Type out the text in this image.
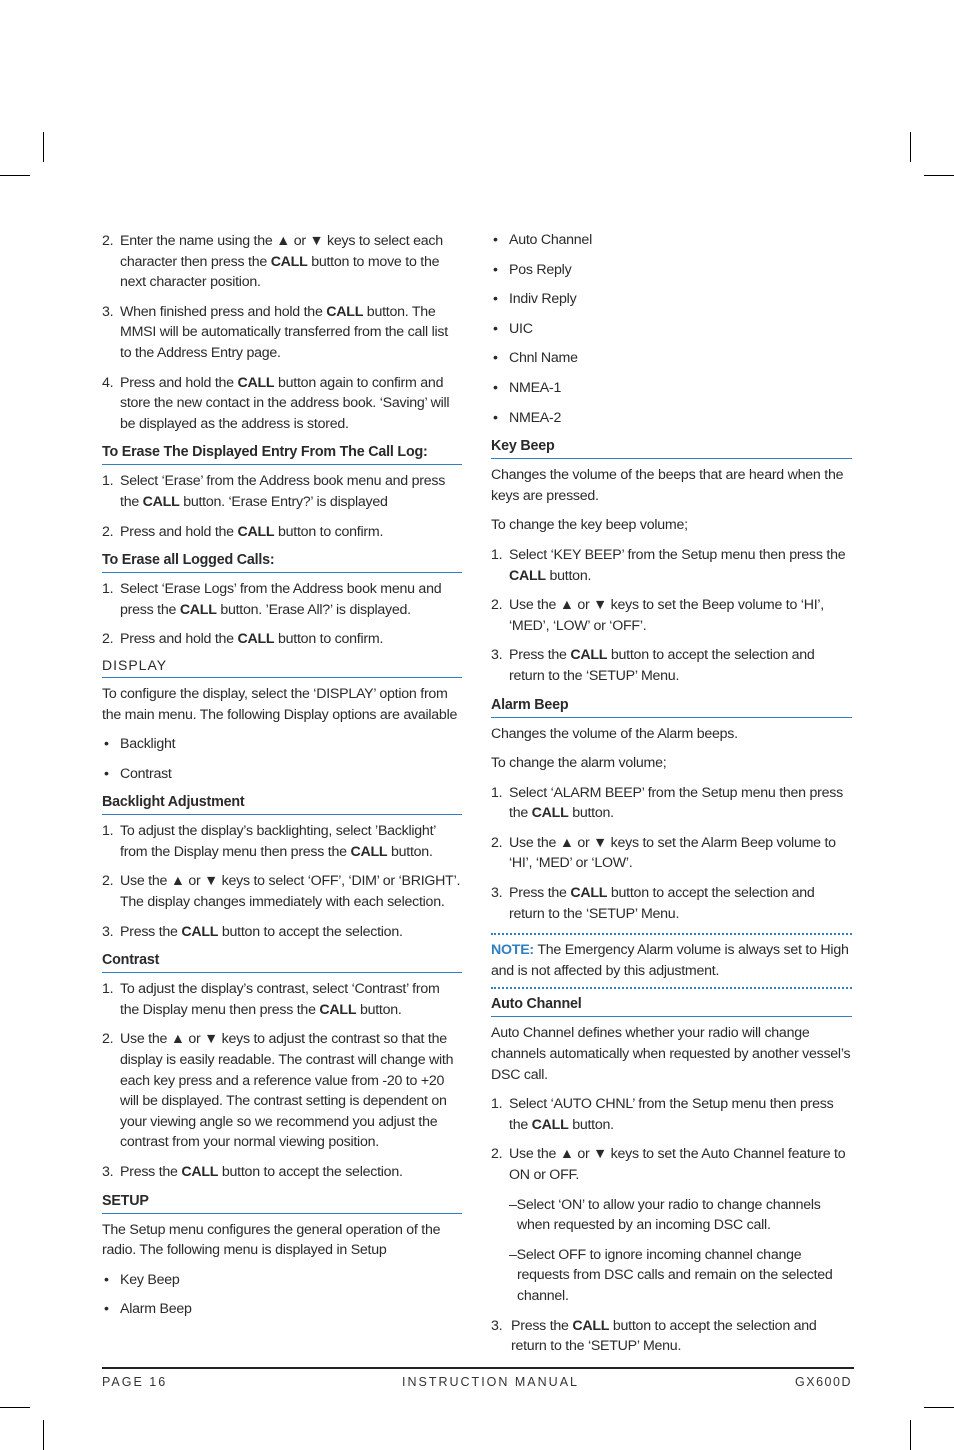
2. Enter the name using the ▲ or ▼ keys to select each character then press the CALL button to move to the next character position.

3. When finished press and hold the CALL button. The MMSI will be automatically transferred from the call list to the Address Entry page.

4. Press and hold the CALL button again to confirm and store the new contact in the address book. ‘Saving’ will be displayed as the address is stored.

To Erase The Displayed Entry From The Call Log:

1. Select ‘Erase’ from the Address book menu and press the CALL button. ‘Erase Entry?’ is displayed

2. Press and hold the CALL button to confirm.

To Erase all Logged Calls:

1. Select ‘Erase Logs’ from the Address book menu and press the CALL button. ’Erase All?’ is displayed.

2. Press and hold the CALL button to confirm.

DISPLAY

To configure the display, select the ‘DISPLAY’ option from the main menu. The following Display options are available

• Backlight

• Contrast

Backlight Adjustment

1. To adjust the display’s backlighting, select ’Backlight’ from the Display menu then press the CALL button.

2. Use the ▲ or ▼ keys to select ‘OFF’, ‘DIM’ or ‘BRIGHT’. The display changes immediately with each selection.

3. Press the CALL button to accept the selection.

Contrast

1. To adjust the display’s contrast, select ‘Contrast’ from the Display menu then press the CALL button.

2. Use the ▲ or ▼ keys to adjust the contrast so that the display is easily readable. The contrast will change with each key press and a reference value from -20 to +20 will be displayed. The contrast setting is dependent on your viewing angle so we recommend you adjust the contrast from your normal viewing position.

3. Press the CALL button to accept the selection.

SETUP

The Setup menu configures the general operation of the radio. The following menu is displayed in Setup

• Key Beep

• Alarm Beep

• Auto Channel

• Pos Reply

• Indiv Reply

• UIC

• Chnl Name

• NMEA-1

• NMEA-2

Key Beep

Changes the volume of the beeps that are heard when the keys are pressed.

To change the key beep volume;

1. Select ‘KEY BEEP’ from the Setup menu then press the CALL button.

2. Use the ▲ or ▼ keys to set the Beep volume to ‘HI’, ‘MED’, ‘LOW’ or ‘OFF’.

3. Press the CALL button to accept the selection and return to the ‘SETUP’ Menu.

Alarm Beep

Changes the volume of the Alarm beeps.

To change the alarm volume;

1. Select ‘ALARM BEEP’ from the Setup menu then press the CALL button.

2. Use the ▲ or ▼ keys to set the Alarm Beep volume to ‘HI’, ‘MED’ or ‘LOW’.

3. Press the CALL button to accept the selection and return to the ‘SETUP’ Menu.

NOTE: The Emergency Alarm volume is always set to High and is not affected by this adjustment.

Auto Channel

Auto Channel defines whether your radio will change channels automatically when requested by another vessel’s DSC call.

1. Select ‘AUTO CHNL’ from the Setup menu then press the CALL button.

2. Use the ▲ or ▼ keys to set the Auto Channel feature to ON or OFF.

–Select ‘ON’ to allow your radio to change channels when requested by an incoming DSC call.

–Select OFF to ignore incoming channel change requests from DSC calls and remain on the selected channel.

3. Press the CALL button to accept the selection and return to the ‘SETUP’ Menu.

PAGE 16	INSTRUCTION MANUAL	GX600D
